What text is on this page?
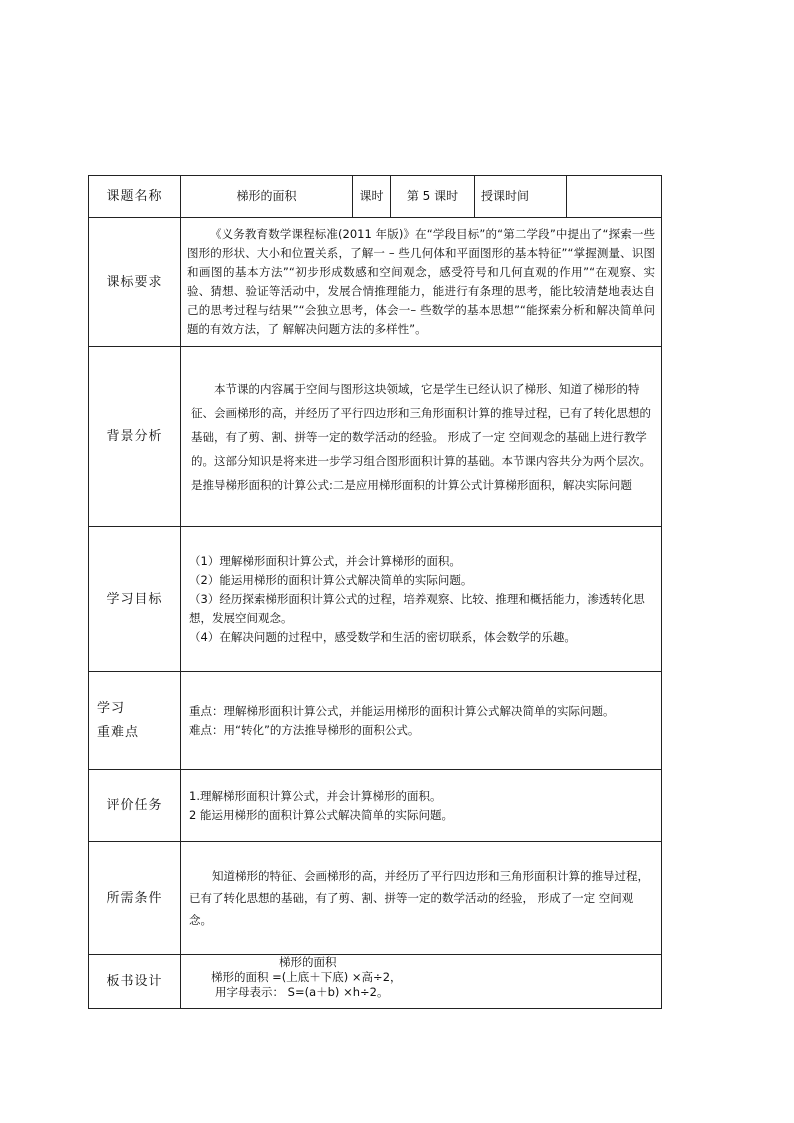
课题名称	梯形的面积	课时	第 5 课时	授课时间	
课标要求	《义务教育数学课程标准(2011 年版)》在“学段目标”的“第二学段”中提出了“探索一些图形的形状、大小和位置关系，了解一 – 些几何体和平面图形的基本特征”“掌握测量、识图和画图的基本方法”“初步形成数感和空间观念，感受符号和几何直观的作用”“在观察、实验、猜想、验证等活动中，发展合情推理能力，能进行有条理的思考，能比较清楚地表达自己的思考过程与结果”“会独立思考，体会一– 些数学的基本思想”“能探索分析和解决简单问题的有效方法，了 解解决问题方法的多样性”。				

背景分析	本节课的内容属于空间与图形这块领域，它是学生已经认识了梯形、知道了梯形的特征、会画梯形的高，并经历了平行四边形和三角形面积计算的推导过程，已有了转化思想的基础，有了剪、割、拼等一定的数学活动的经验。 形成了一定 空间观念的基础上进行教学的。这部分知识是将来进一步学习组合图形面积计算的基础。本节课内容共分为两个层次。是推导梯形面积的计算公式:二是应用梯形面积的计算公式计算梯形面积，解决实际问题				

学习目标	（1）理解梯形面积计算公式，并会计算梯形的面积。
（2）能运用梯形的面积计算公式解决简单的实际问题。
（3）经历探索梯形面积计算公式的过程，培养观察、比较、推理和概括能力，渗透转化思想，发展空间观念。
（4）在解决问题的过程中，感受数学和生活的密切联系，体会数学的乐趣。				

学习
重难点	重点：理解梯形面积计算公式，并能运用梯形的面积计算公式解决简单的实际问题。
难点：用“转化”的方法推导梯形的面积公式。				

评价任务	1.理解梯形面积计算公式，并会计算梯形的面积。
2 能运用梯形的面积计算公式解决简单的实际问题。				

所需条件	知道梯形的特征、会画梯形的高，并经历了平行四边形和三角形面积计算的推导过程，已有了转化思想的基础，有了剪、割、拼等一定的数学活动的经验， 形成了一定 空间观念。				

板书设计	梯形的面积
梯形的面积 =(上底＋下底) ×高÷2，
用字母表示： S=(a＋b) ×h÷2。				
